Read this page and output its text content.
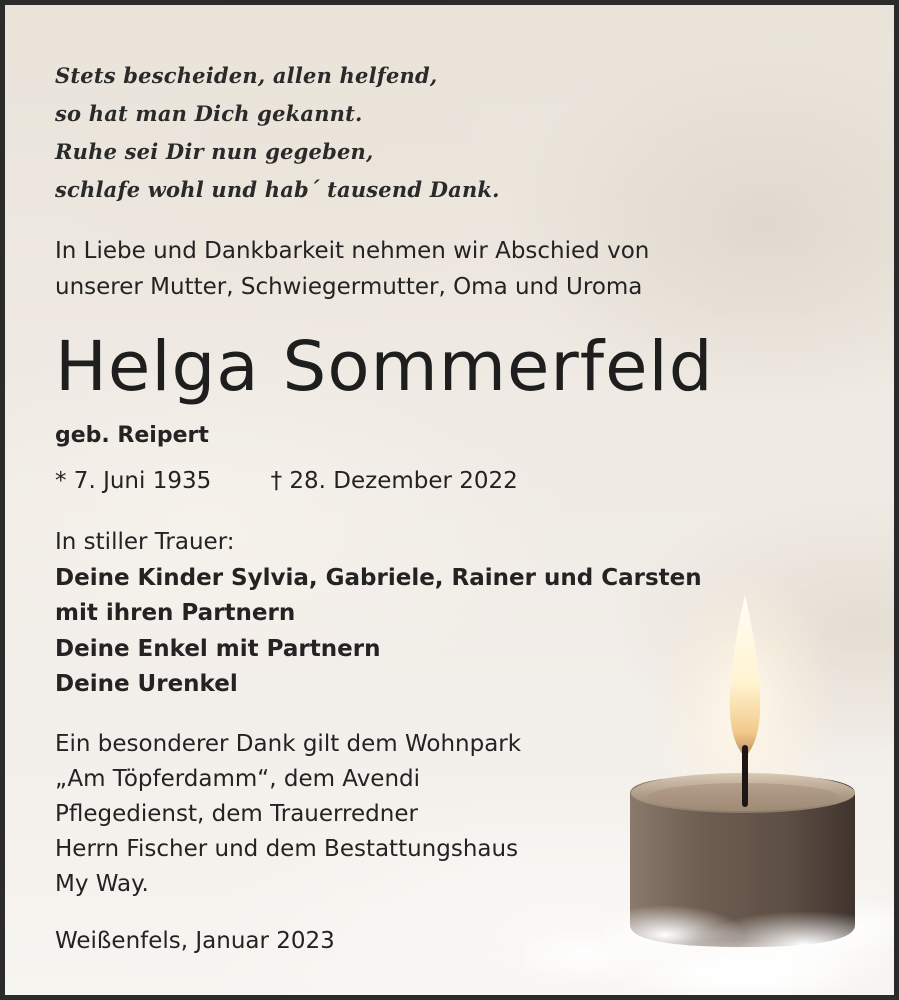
Stets bescheiden, allen helfend,
so hat man Dich gekannt.
Ruhe sei Dir nun gegeben,
schlafe wohl und hab´ tausend Dank.
In Liebe und Dankbarkeit nehmen wir Abschied von
unserer Mutter, Schwiegermutter, Oma und Uroma
Helga Sommerfeld
geb. Reipert
* 7. Juni 1935	† 28. Dezember 2022
In stiller Trauer:
Deine Kinder Sylvia, Gabriele, Rainer und Carsten
mit ihren Partnern
Deine Enkel mit Partnern
Deine Urenkel
Ein besonderer Dank gilt dem Wohnpark
„Am Töpferdamm“, dem Avendi
Pflegedienst, dem Trauerredner
Herrn Fischer und dem Bestattungshaus
My Way.
Weißenfels, Januar 2023
